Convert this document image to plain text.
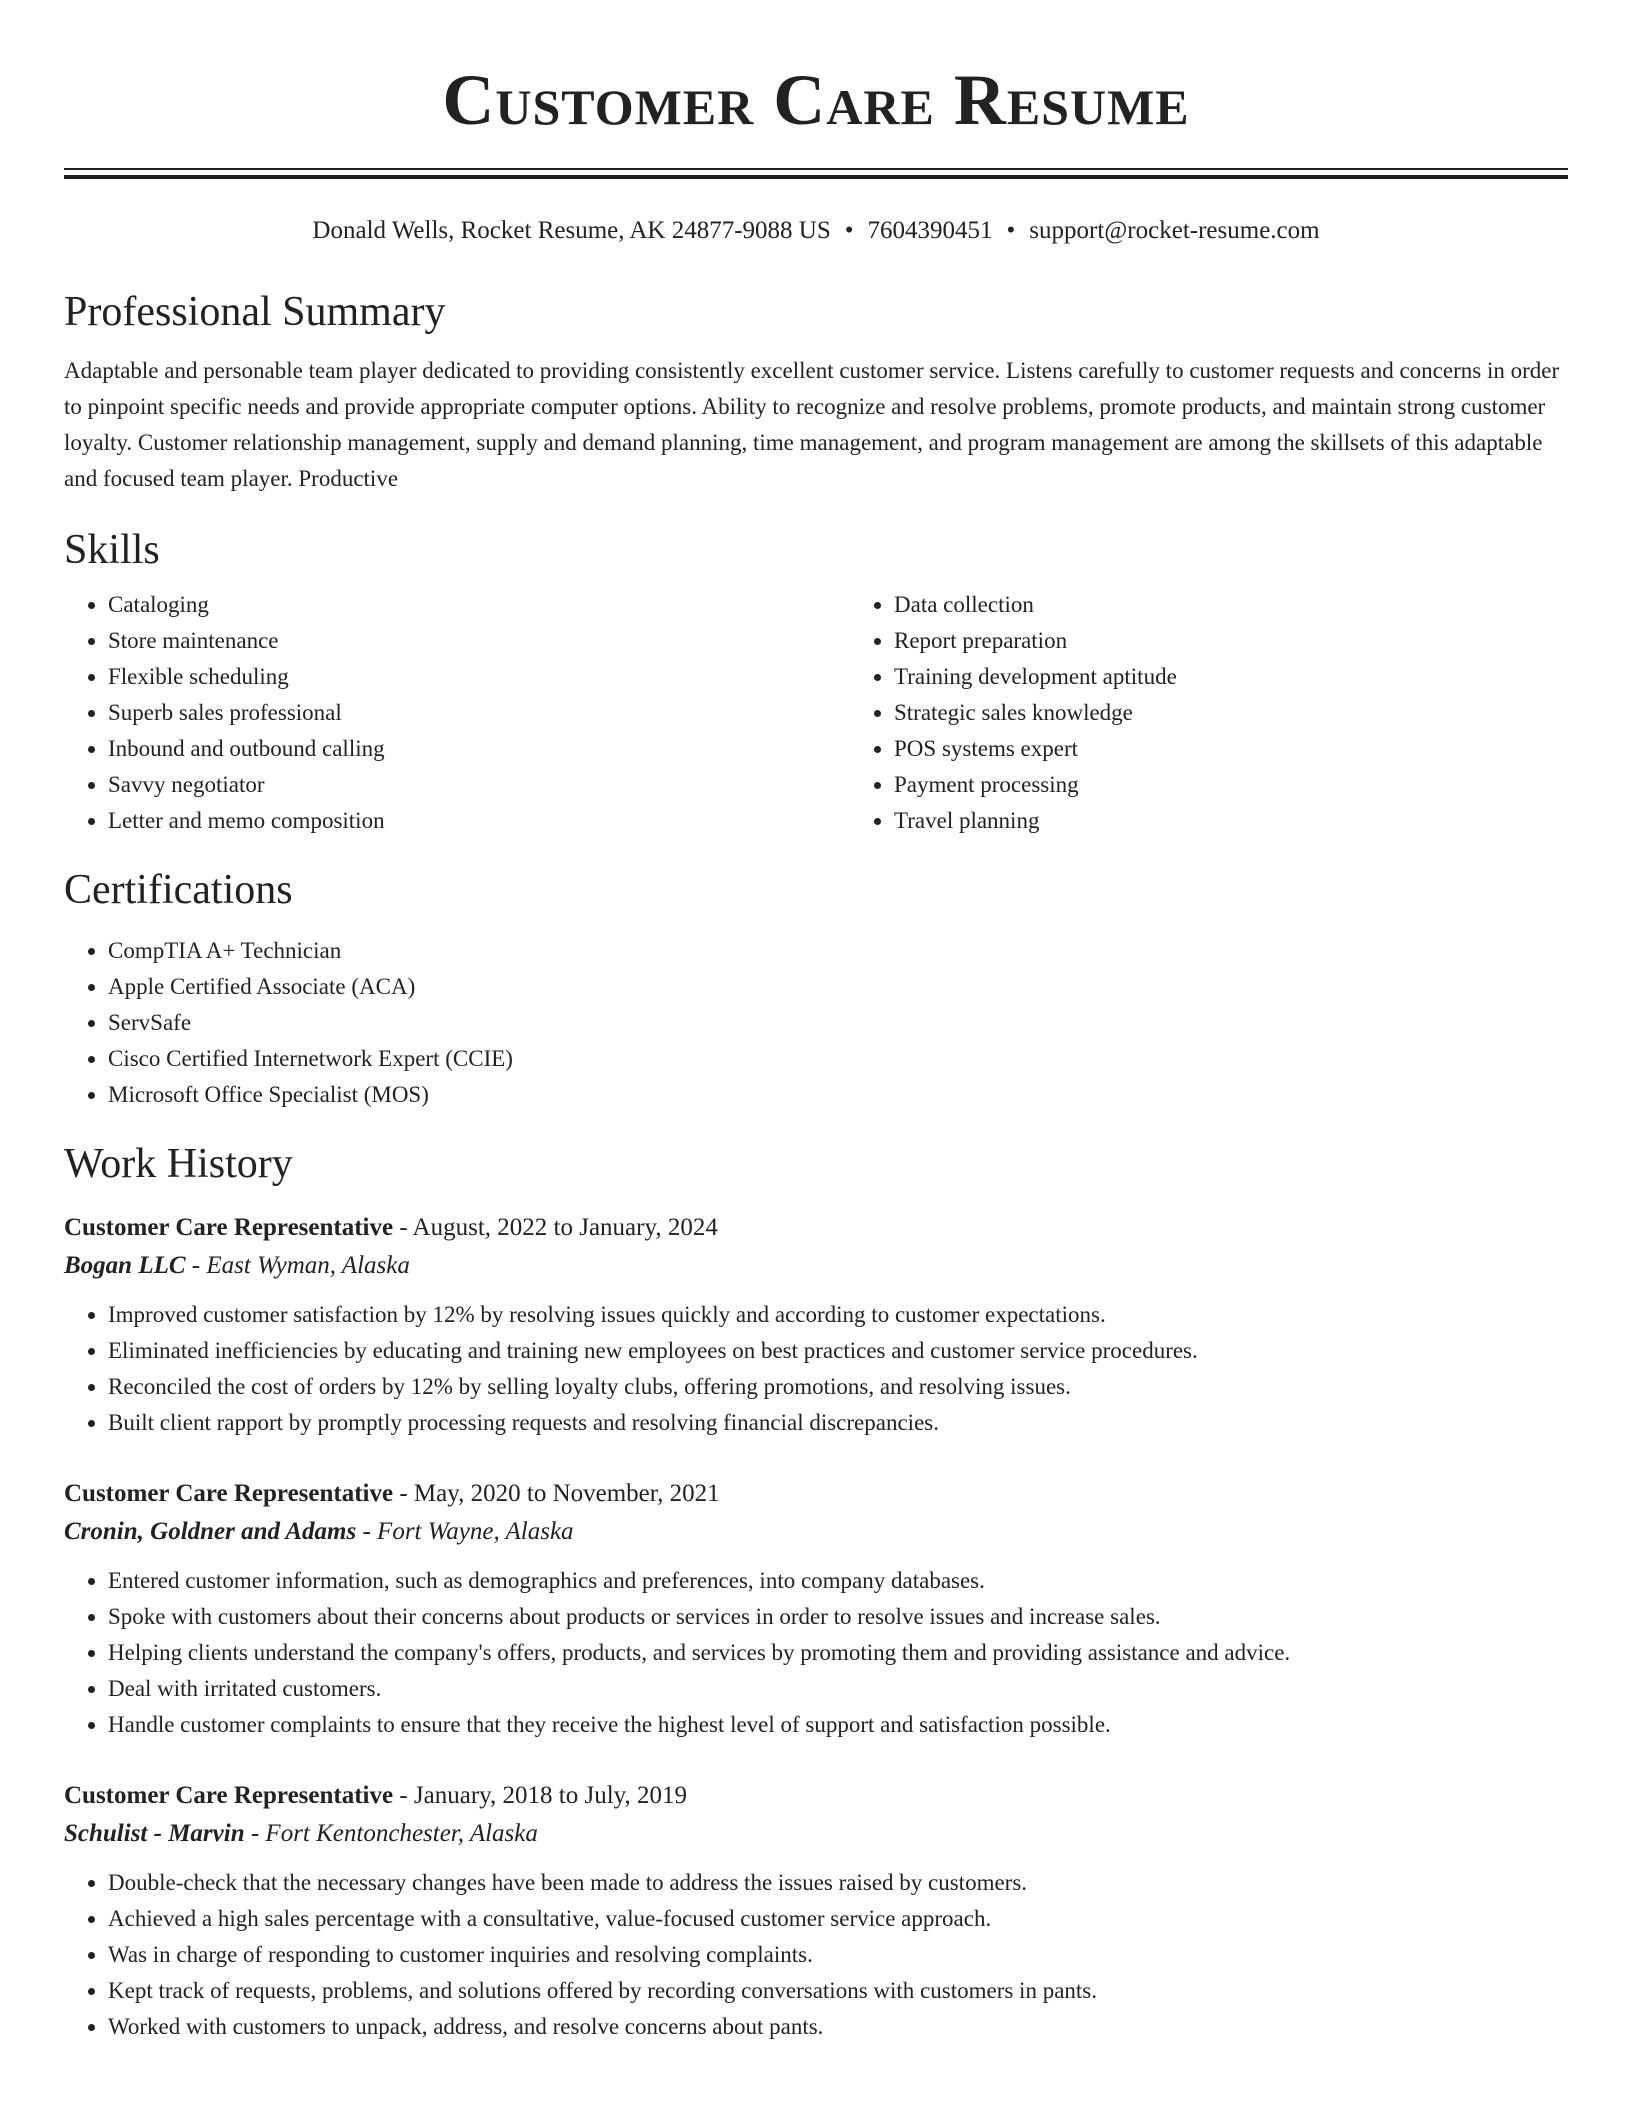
Customer Care Resume
Donald Wells, Rocket Resume, AK 24877-9088 US • 7604390451 • support@rocket-resume.com
Professional Summary

Adaptable and personable team player dedicated to providing consistently excellent customer service. Listens carefully to customer requests and concerns in order to pinpoint specific needs and provide appropriate computer options. Ability to recognize and resolve problems, promote products, and maintain strong customer loyalty. Customer relationship management, supply and demand planning, time management, and program management are among the skillsets of this adaptable and focused team player. Productive

Skills
• Cataloging
• Store maintenance
• Flexible scheduling
• Superb sales professional
• Inbound and outbound calling
• Savvy negotiator
• Letter and memo composition
• Data collection
• Report preparation
• Training development aptitude
• Strategic sales knowledge
• POS systems expert
• Payment processing
• Travel planning
Certifications
• CompTIA A+ Technician
• Apple Certified Associate (ACA)
• ServSafe
• Cisco Certified Internetwork Expert (CCIE)
• Microsoft Office Specialist (MOS)
Work History
Customer Care Representative - August, 2022 to January, 2024
Bogan LLC - East Wyman, Alaska
• Improved customer satisfaction by 12% by resolving issues quickly and according to customer expectations.
• Eliminated inefficiencies by educating and training new employees on best practices and customer service procedures.
• Reconciled the cost of orders by 12% by selling loyalty clubs, offering promotions, and resolving issues.
• Built client rapport by promptly processing requests and resolving financial discrepancies.
Customer Care Representative - May, 2020 to November, 2021
Cronin, Goldner and Adams - Fort Wayne, Alaska
• Entered customer information, such as demographics and preferences, into company databases.
• Spoke with customers about their concerns about products or services in order to resolve issues and increase sales.
• Helping clients understand the company's offers, products, and services by promoting them and providing assistance and advice.
• Deal with irritated customers.
• Handle customer complaints to ensure that they receive the highest level of support and satisfaction possible.
Customer Care Representative - January, 2018 to July, 2019
Schulist - Marvin - Fort Kentonchester, Alaska
• Double-check that the necessary changes have been made to address the issues raised by customers.
• Achieved a high sales percentage with a consultative, value-focused customer service approach.
• Was in charge of responding to customer inquiries and resolving complaints.
• Kept track of requests, problems, and solutions offered by recording conversations with customers in pants.
• Worked with customers to unpack, address, and resolve concerns about pants.
